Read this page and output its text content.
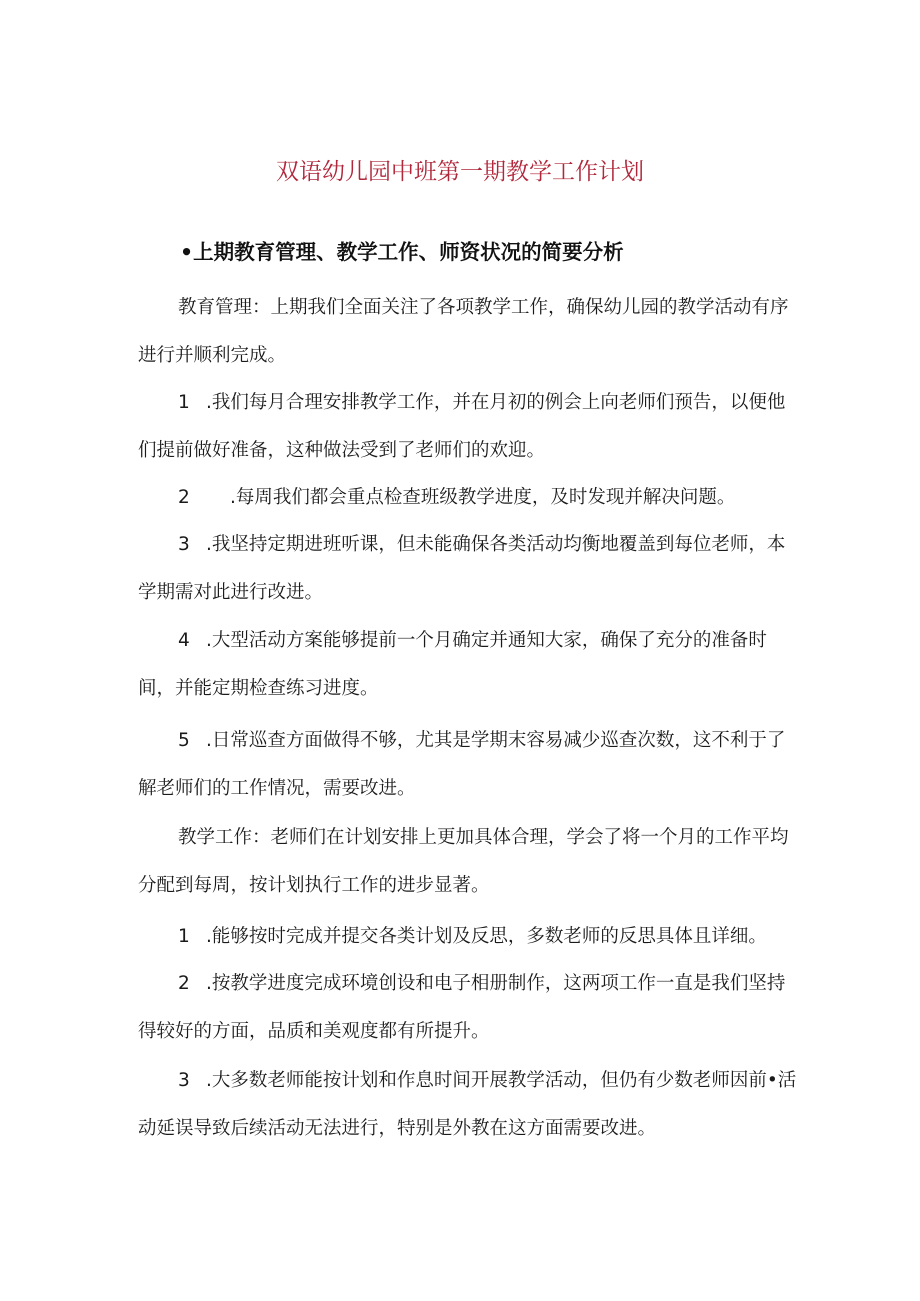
双语幼儿园中班第一期教学工作计划
•上期教育管理、教学工作、师资状况的简要分析
教育管理：上期我们全面关注了各项教学工作，确保幼儿园的教学活动有序进行并顺利完成。
1 .我们每月合理安排教学工作，并在月初的例会上向老师们预告，以便他们提前做好准备，这种做法受到了老师们的欢迎。
2 .每周我们都会重点检查班级教学进度，及时发现并解决问题。
3 .我坚持定期进班听课，但未能确保各类活动均衡地覆盖到每位老师，本学期需对此进行改进。
4 .大型活动方案能够提前一个月确定并通知大家，确保了充分的准备时间，并能定期检查练习进度。
5 .日常巡查方面做得不够，尤其是学期末容易减少巡查次数，这不利于了解老师们的工作情况，需要改进。
教学工作：老师们在计划安排上更加具体合理，学会了将一个月的工作平均分配到每周，按计划执行工作的进步显著。
1 .能够按时完成并提交各类计划及反思，多数老师的反思具体且详细。
2 .按教学进度完成环境创设和电子相册制作，这两项工作一直是我们坚持得较好的方面，品质和美观度都有所提升。
3 .大多数老师能按计划和作息时间开展教学活动，但仍有少数老师因前•活动延误导致后续活动无法进行，特别是外教在这方面需要改进。
